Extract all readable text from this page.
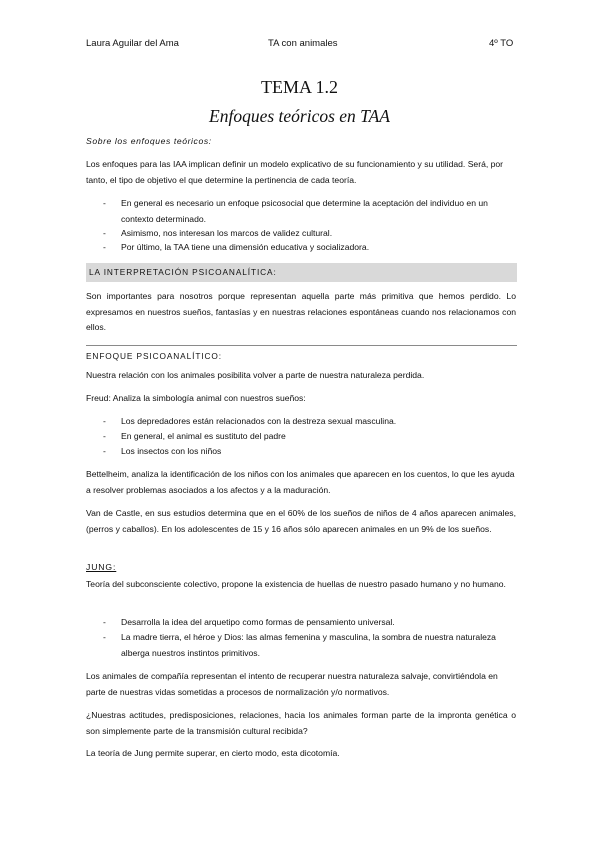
Laura Aguilar del Ama	TA con animales	4º TO
TEMA 1.2
Enfoques teóricos en TAA
Sobre los enfoques teóricos:
Los enfoques para las IAA implican definir un modelo explicativo de su funcionamiento y su utilidad. Será, por tanto, el tipo de objetivo el que determine la pertinencia de cada teoría.
- En general es necesario un enfoque psicosocial que determine la aceptación del individuo en un contexto determinado.
- Asimismo, nos interesan los marcos de validez cultural.
- Por último, la TAA tiene una dimensión educativa y socializadora.
LA INTERPRETACIÓN PSICOANALÍTICA:
Son importantes para nosotros porque representan aquella parte más primitiva que hemos perdido. Lo expresamos en nuestros sueños, fantasías y en nuestras relaciones espontáneas cuando nos relacionamos con ellos.
ENFOQUE PSICOANALÍTICO:
Nuestra relación con los animales posibilita volver a parte de nuestra naturaleza perdida.
Freud: Analiza la simbología animal con nuestros sueños:
- Los depredadores están relacionados con la destreza sexual masculina.
- En general, el animal es sustituto del padre
- Los insectos con los niños
Bettelheim, analiza la identificación de los niños con los animales que aparecen en los cuentos, lo que les ayuda a resolver problemas asociados a los afectos y a la maduración.
Van de Castle, en sus estudios determina que en el 60% de los sueños de niños de 4 años aparecen animales, (perros y caballos). En los adolescentes de 15 y 16 años sólo aparecen animales en un 9% de los sueños.
JUNG:
Teoría del subconsciente colectivo, propone la existencia de huellas de nuestro pasado humano y no humano.
- Desarrolla la idea del arquetipo como formas de pensamiento universal.
- La madre tierra, el héroe y Dios: las almas femenina y masculina, la sombra de nuestra naturaleza alberga nuestros instintos primitivos.
Los animales de compañía representan el intento de recuperar nuestra naturaleza salvaje, convirtiéndola en parte de nuestras vidas sometidas a procesos de normalización y/o normativos.
¿Nuestras actitudes, predisposiciones, relaciones, hacia los animales forman parte de la impronta genética o son simplemente parte de la transmisión cultural recibida?
La teoría de Jung permite superar, en cierto modo, esta dicotomía.
